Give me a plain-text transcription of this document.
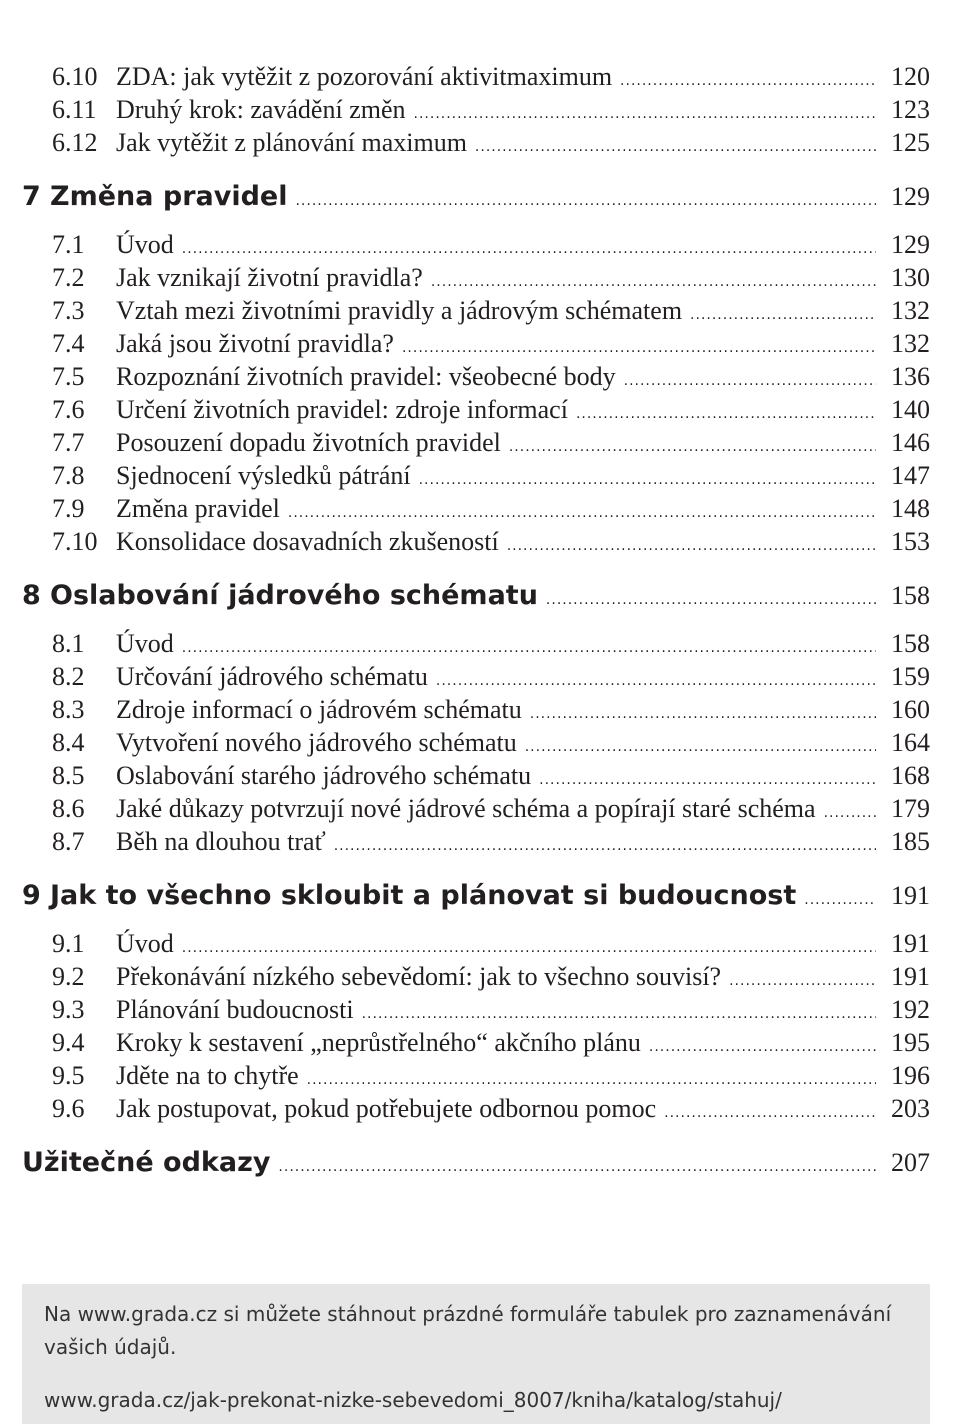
6.10 ZDA: jak vytěžit z pozorování aktivitmaximum .....	120
6.11 Druhý krok: zavádění změn .....	123
6.12 Jak vytěžit z plánování maximum .....	125
7 Změna pravidel .....	129
7.1	Úvod .....	129
7.2	Jak vznikají životní pravidla? .....	130
7.3	Vztah mezi životními pravidly a jádrovým schématem .....	132
7.4	Jaká jsou životní pravidla? .....	132
7.5	Rozpoznání životních pravidel: všeobecné body .....	136
7.6	Určení životních pravidel: zdroje informací .....	140
7.7	Posouzení dopadu životních pravidel .....	146
7.8	Sjednocení výsledků pátrání .....	147
7.9	Změna pravidel .....	148
7.10 Konsolidace dosavadních zkušeností .....	153
8 Oslabování jádrového schématu .....	158
8.1	Úvod .....	158
8.2	Určování jádrového schématu .....	159
8.3	Zdroje informací o jádrovém schématu .....	160
8.4	Vytvoření nového jádrového schématu .....	164
8.5	Oslabování starého jádrového schématu .....	168
8.6	Jaké důkazy potvrzují nové jádrové schéma a popírají staré schéma .....	179
8.7	Běh na dlouhou trať .....	185
9 Jak to všechno skloubit a plánovat si budoucnost .....	191
9.1	Úvod .....	191
9.2	Překonávání nízkého sebevědomí: jak to všechno souvisí? .....	191
9.3	Plánování budoucnosti .....	192
9.4	Kroky k sestavení „neprůstřelného“ akčního plánu .....	195
9.5	Jděte na to chytře .....	196
9.6	Jak postupovat, pokud potřebujete odbornou pomoc .....	203
Užitečné odkazy .....	207

Na www.grada.cz si můžete stáhnout prázdné formuláře tabulek pro zaznamenávání vašich údajů.

www.grada.cz/jak-prekonat-nizke-sebevedomi_8007/kniha/katalog/stahuj/
